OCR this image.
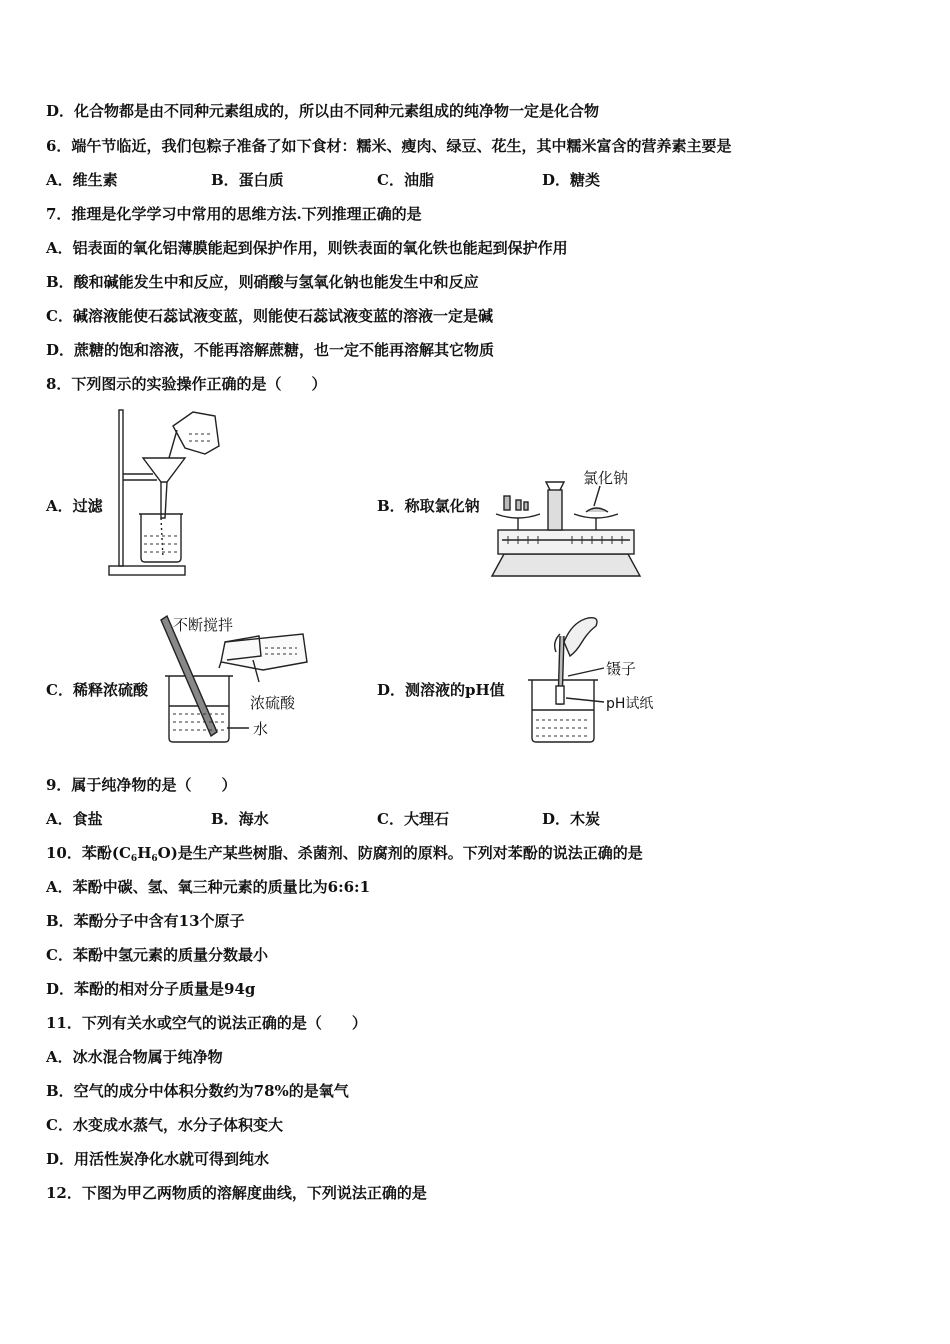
D．化合物都是由不同种元素组成的，所以由不同种元素组成的纯净物一定是化合物
6．端午节临近，我们包粽子准备了如下食材：糯米、瘦肉、绿豆、花生，其中糯米富含的营养素主要是
A．维生素	B．蛋白质	C．油脂	D．糖类
7．推理是化学学习中常用的思维方法.下列推理正确的是
A．铝表面的氧化铝薄膜能起到保护作用，则铁表面的氧化铁也能起到保护作用
B．酸和碱能发生中和反应，则硝酸与氢氧化钠也能发生中和反应
C．碱溶液能使石蕊试液变蓝，则能使石蕊试液变蓝的溶液一定是碱
D．蔗糖的饱和溶液，不能再溶解蔗糖，也一定不能再溶解其它物质
8．下列图示的实验操作正确的是（　　）
A．过滤	B．称取氯化钠
氯化钠
C．稀释浓硫酸
不断搅拌
浓硫酸
水
D．测溶液的pH值
镊子
pH试纸
9．属于纯净物的是（　　）
A．食盐	B．海水	C．大理石	D．木炭
10．苯酚$(C_6H_6O)$是生产某些树脂、杀菌剂、防腐剂的原料。下列对苯酚的说法正确的是
A．苯酚中碳、氢、氧三种元素的质量比为6:6:1
B．苯酚分子中含有13个原子
C．苯酚中氢元素的质量分数最小
D．苯酚的相对分子质量是94g
11．下列有关水或空气的说法正确的是（　　）
A．冰水混合物属于纯净物
B．空气的成分中体积分数约为78%的是氧气
C．水变成水蒸气，水分子体积变大
D．用活性炭净化水就可得到纯水
12．下图为甲乙两物质的溶解度曲线，下列说法正确的是
